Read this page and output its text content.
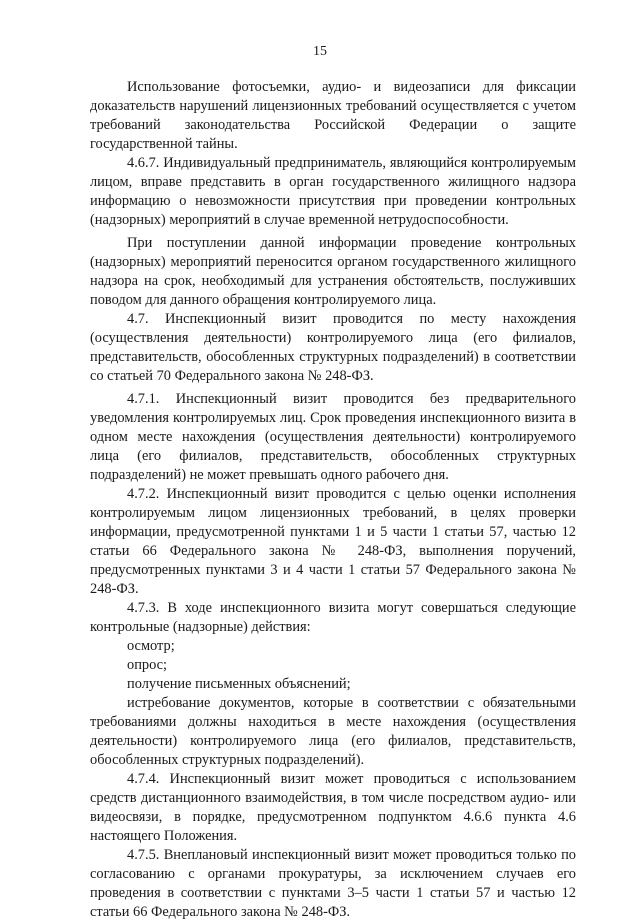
15

Использование фотосъемки, аудио- и видеозаписи для фиксации доказательств нарушений лицензионных требований осуществляется с учетом требований законодательства Российской Федерации о защите государственной тайны.

4.6.7. Индивидуальный предприниматель, являющийся контролируемым лицом, вправе представить в орган государственного жилищного надзора информацию о невозможности присутствия при проведении контрольных (надзорных) мероприятий в случае временной нетрудоспособности.

При поступлении данной информации проведение контрольных (надзорных) мероприятий переносится органом государственного жилищного надзора на срок, необходимый для устранения обстоятельств, послуживших поводом для данного обращения контролируемого лица.

4.7. Инспекционный визит проводится по месту нахождения (осуществления деятельности) контролируемого лица (его филиалов, представительств, обособленных структурных подразделений) в соответствии со статьей 70 Федерального закона № 248-ФЗ.

4.7.1. Инспекционный визит проводится без предварительного уведомления контролируемых лиц. Срок проведения инспекционного визита в одном месте нахождения (осуществления деятельности) контролируемого лица (его филиалов, представительств, обособленных структурных подразделений) не может превышать одного рабочего дня.

4.7.2. Инспекционный визит проводится с целью оценки исполнения контролируемым лицом лицензионных требований, в целях проверки информации, предусмотренной пунктами 1 и 5 части 1 статьи 57, частью 12 статьи 66 Федерального закона № 248-ФЗ, выполнения поручений, предусмотренных пунктами 3 и 4 части 1 статьи 57 Федерального закона № 248-ФЗ.

4.7.3. В ходе инспекционного визита могут совершаться следующие контрольные (надзорные) действия:

осмотр;

опрос;

получение письменных объяснений;

истребование документов, которые в соответствии с обязательными требованиями должны находиться в месте нахождения (осуществления деятельности) контролируемого лица (его филиалов, представительств, обособленных структурных подразделений).

4.7.4. Инспекционный визит может проводиться с использованием средств дистанционного взаимодействия, в том числе посредством аудио- или видеосвязи, в порядке, предусмотренном подпунктом 4.6.6 пункта 4.6 настоящего Положения.

4.7.5. Внеплановый инспекционный визит может проводиться только по согласованию с органами прокуратуры, за исключением случаев его проведения в соответствии с пунктами 3–5 части 1 статьи 57 и частью 12 статьи 66 Федерального закона № 248-ФЗ.
